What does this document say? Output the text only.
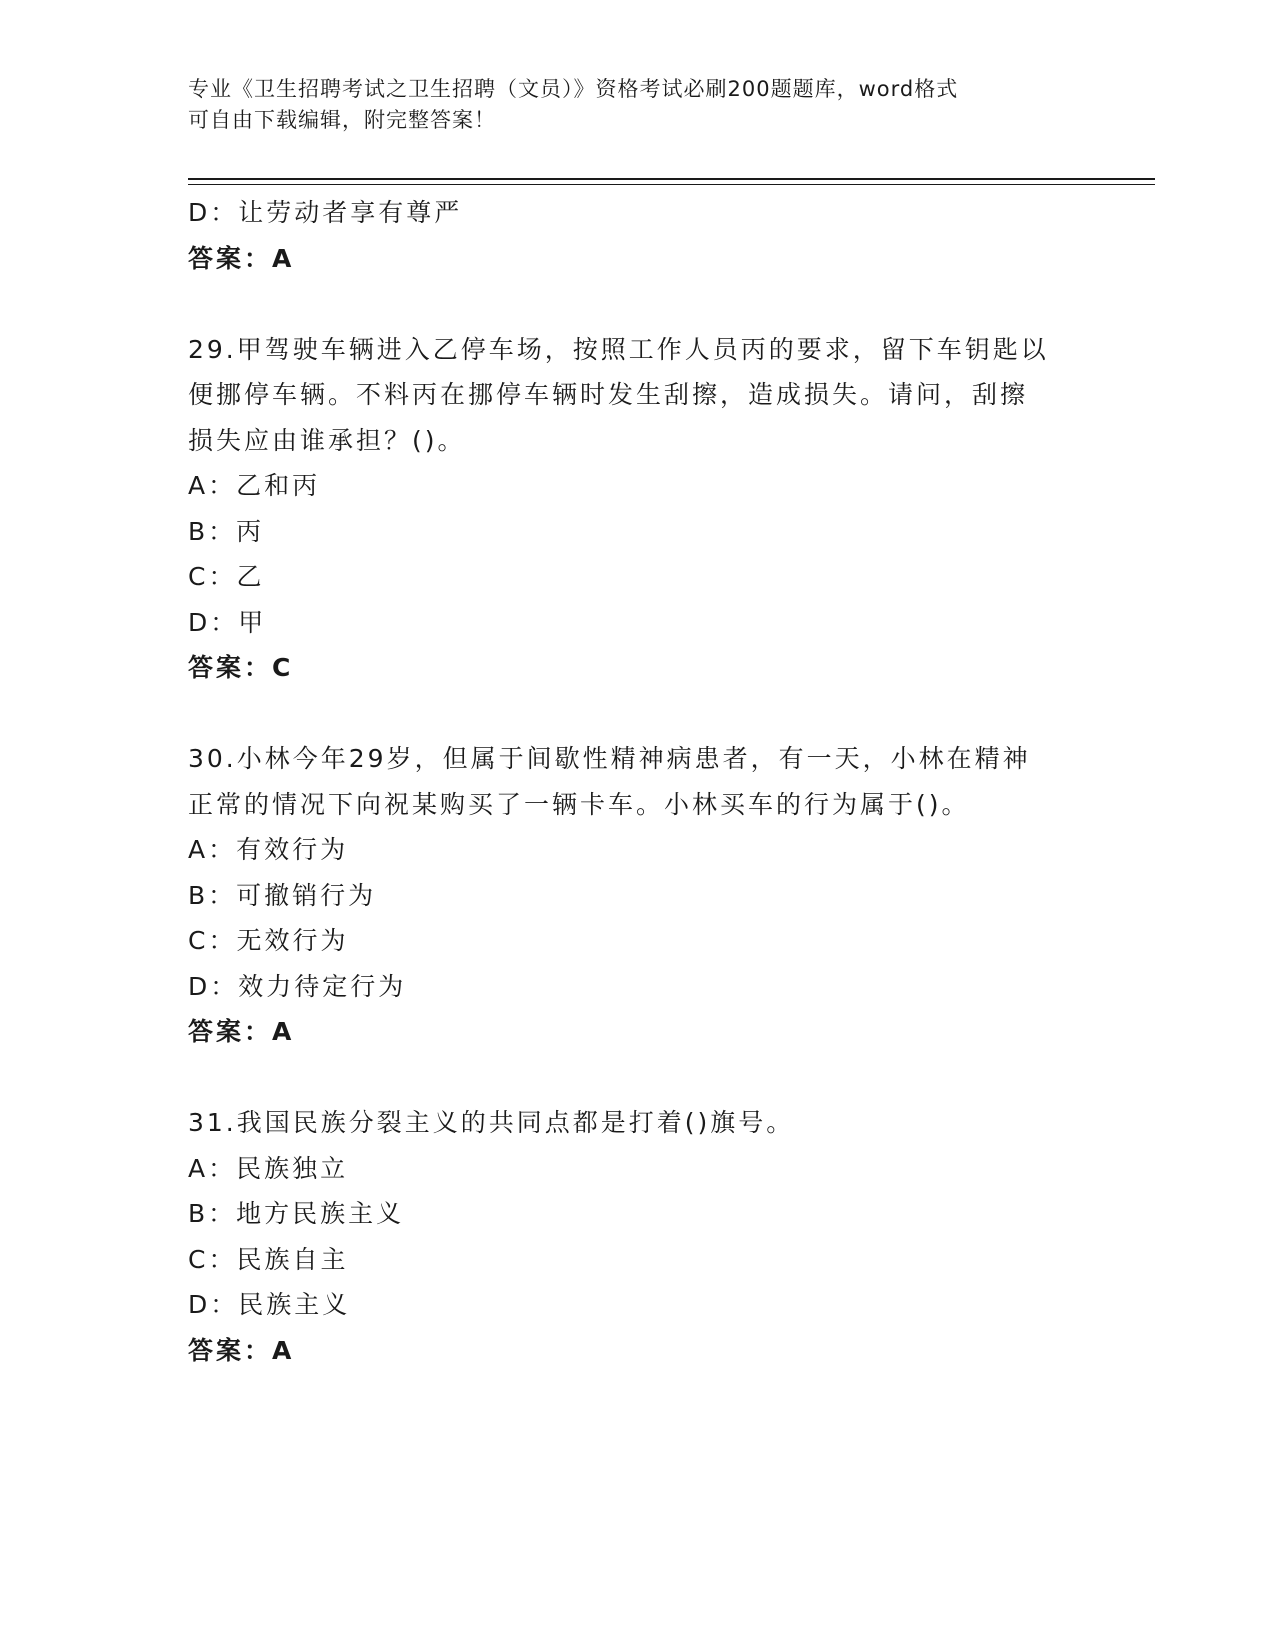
专业《卫生招聘考试之卫生招聘（文员）》资格考试必刷200题题库，word格式
可自由下载编辑，附完整答案！
D：让劳动者享有尊严
答案：A
29.甲驾驶车辆进入乙停车场，按照工作人员丙的要求，留下车钥匙以
便挪停车辆。不料丙在挪停车辆时发生刮擦，造成损失。请问，刮擦
损失应由谁承担？()。
A：乙和丙
B：丙
C：乙
D：甲
答案：C
30.小林今年29岁，但属于间歇性精神病患者，有一天，小林在精神
正常的情况下向祝某购买了一辆卡车。小林买车的行为属于()。
A：有效行为
B：可撤销行为
C：无效行为
D：效力待定行为
答案：A
31.我国民族分裂主义的共同点都是打着()旗号。
A：民族独立
B：地方民族主义
C：民族自主
D：民族主义
答案：A
